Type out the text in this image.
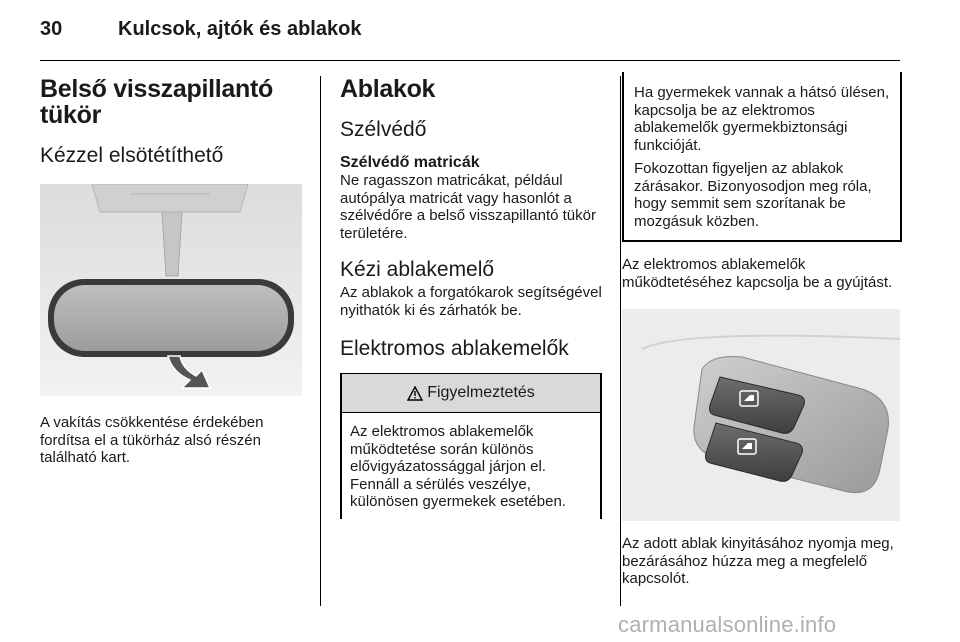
30	Kulcsok, ajtók és ablakok
Belső visszapillantó tükör
Kézzel elsötétíthető

A vakítás csökkentése érdekében fordítsa el a tükörház alsó részén található kart.

Ablakok
Szélvédő
Szélvédő matricák

Ne ragasszon matricákat, például autópálya matricát vagy hasonlót a szélvédőre a belső visszapillantó tükör területére.

Kézi ablakemelő

Az ablakok a forgatókarok segítségével nyithatók ki és zárhatók be.

Elektromos ablakemelők
Figyelmeztetés

Az elektromos ablakemelők működtetése során különös elővigyázatossággal járjon el. Fennáll a sérülés veszélye, különösen gyermekek esetében.

Ha gyermekek vannak a hátsó ülésen, kapcsolja be az elektromos ablakemelők gyermekbiztonsági funkcióját.

Fokozottan figyeljen az ablakok zárásakor. Bizonyosodjon meg róla, hogy semmit sem szorítanak be mozgásuk közben.

Az elektromos ablakemelők működtetéséhez kapcsolja be a gyújtást.

Az adott ablak kinyitásához nyomja meg, bezárásához húzza meg a megfelelő kapcsolót.

carmanualsonline.info
